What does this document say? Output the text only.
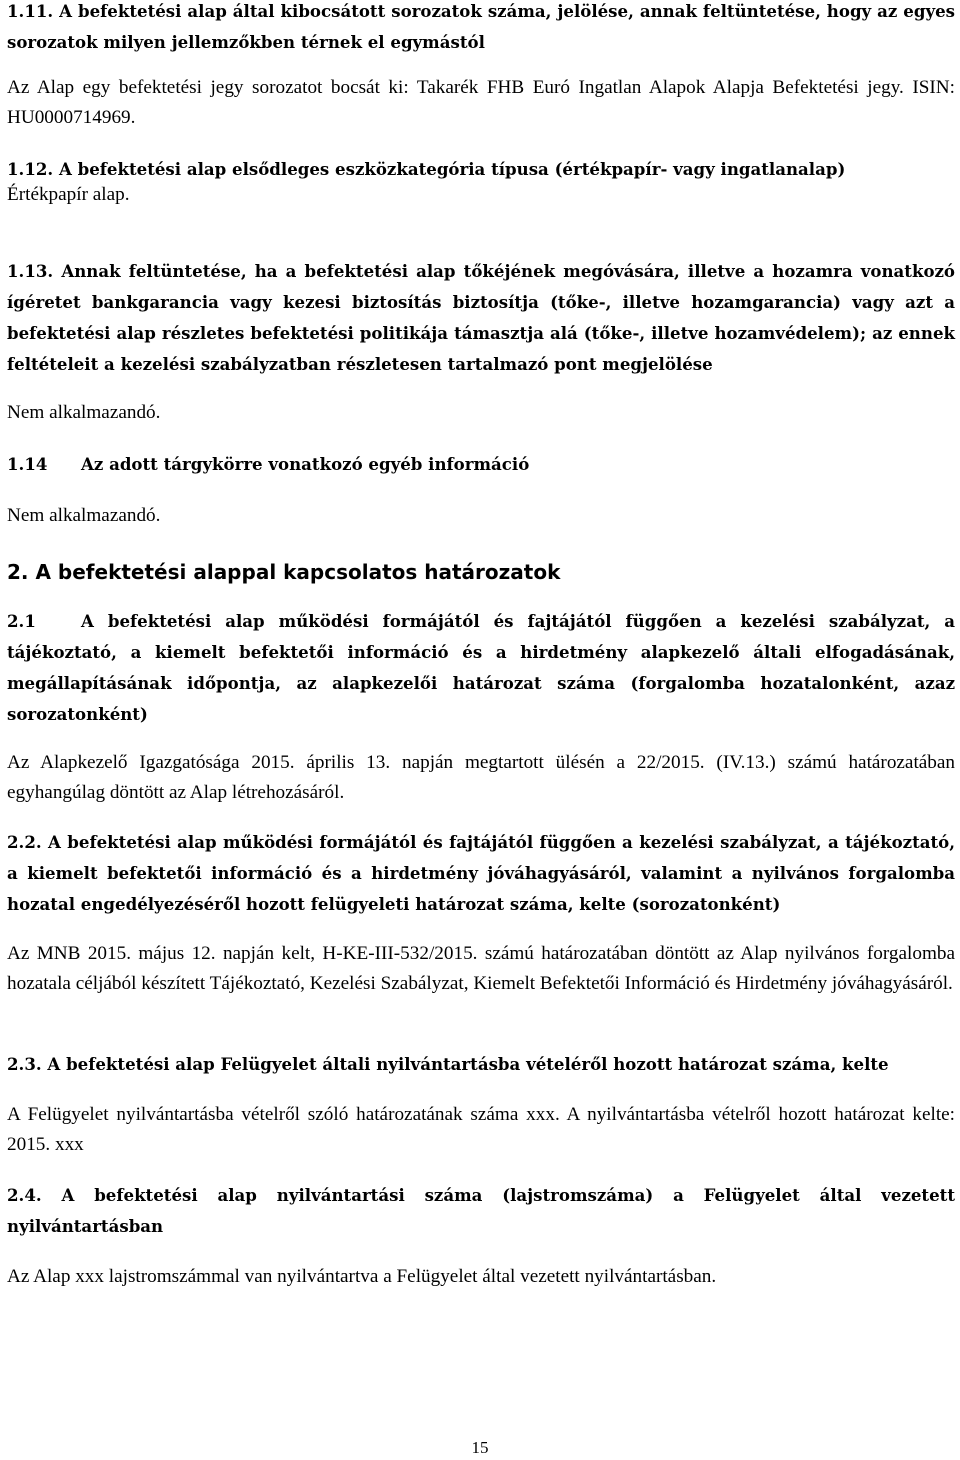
1.11. A befektetési alap által kibocsátott sorozatok száma, jelölése, annak feltüntetése, hogy az egyes sorozatok milyen jellemzőkben térnek el egymástól

Az Alap egy befektetési jegy sorozatot bocsát ki: Takarék FHB Euró Ingatlan Alapok Alapja Befektetési jegy. ISIN: HU0000714969.

1.12. A befektetési alap elsődleges eszközkategória típusa (értékpapír- vagy ingatlanalap)

Értékpapír alap.

1.13. Annak feltüntetése, ha a befektetési alap tőkéjének megóvására, illetve a hozamra vonatkozó ígéretet bankgarancia vagy kezesi biztosítás biztosítja (tőke-, illetve hozamgarancia) vagy azt a befektetési alap részletes befektetési politikája támasztja alá (tőke-, illetve hozamvédelem); az ennek feltételeit a kezelési szabályzatban részletesen tartalmazó pont megjelölése

Nem alkalmazandó.

1.14 Az adott tárgykörre vonatkozó egyéb információ

Nem alkalmazandó.

2. A befektetési alappal kapcsolatos határozatok

2.1	A befektetési alap működési formájától és fajtájától függően a kezelési szabályzat, a tájékoztató, a kiemelt befektetői információ és a hirdetmény alapkezelő általi elfogadásának, megállapításának időpontja, az alapkezelői határozat száma (forgalomba hozatalonként, azaz sorozatonként)

Az Alapkezelő Igazgatósága 2015. április 13. napján megtartott ülésén a 22/2015. (IV.13.) számú határozatában egyhangúlag döntött az Alap létrehozásáról.

2.2. A befektetési alap működési formájától és fajtájától függően a kezelési szabályzat, a tájékoztató, a kiemelt befektetői információ és a hirdetmény jóváhagyásáról, valamint a nyilvános forgalomba hozatal engedélyezéséről hozott felügyeleti határozat száma, kelte (sorozatonként)

Az MNB 2015. május 12. napján kelt, H-KE-III-532/2015. számú határozatában döntött az Alap nyilvános forgalomba hozatala céljából készített Tájékoztató, Kezelési Szabályzat, Kiemelt Befektetői Információ és Hirdetmény jóváhagyásáról.

2.3. A befektetési alap Felügyelet általi nyilvántartásba vételéről hozott határozat száma, kelte

A Felügyelet nyilvántartásba vételről szóló határozatának száma xxx. A nyilvántartásba vételről hozott határozat kelte: 2015. xxx

2.4. A befektetési alap nyilvántartási száma (lajstromszáma) a Felügyelet által vezetett nyilvántartásban

Az Alap xxx lajstromszámmal van nyilvántartva a Felügyelet által vezetett nyilvántartásban.

15
